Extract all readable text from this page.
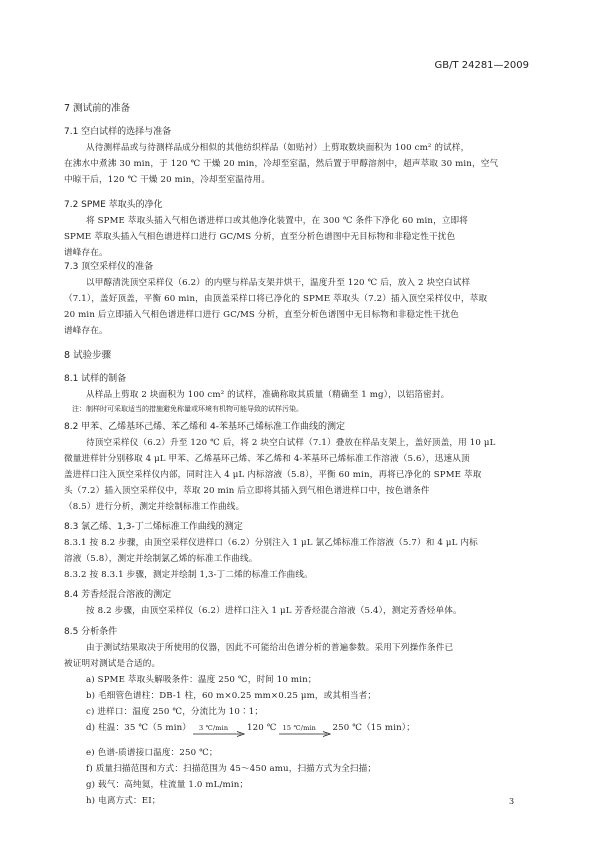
GB/T 24281—2009
7 测试前的准备
7.1 空白试样的选择与准备
从待测样品或与待测样品成分相似的其他纺织样品（如贴衬）上剪取数块面积为 100 cm² 的试样，
在沸水中煮沸 30 min，于 120 ℃ 干燥 20 min，冷却至室温，然后置于甲醇溶剂中，超声萃取 30 min，空气
中晾干后，120 ℃ 干燥 20 min，冷却至室温待用。
7.2 SPME 萃取头的净化
将 SPME 萃取头插入气相色谱进样口或其他净化装置中，在 300 ℃ 条件下净化 60 min，立即将
SPME 萃取头插入气相色谱进样口进行 GC/MS 分析，直至分析色谱图中无目标物和非稳定性干扰色
谱峰存在。
7.3 顶空采样仪的准备
以甲醇清洗顶空采样仪（6.2）的内壁与样品支架并烘干，温度升至 120 ℃ 后，放入 2 块空白试样
（7.1），盖好顶盖，平衡 60 min，由顶盖采样口将已净化的 SPME 萃取头（7.2）插入顶空采样仪中，萃取
20 min 后立即插入气相色谱进样口进行 GC/MS 分析，直至分析色谱图中无目标物和非稳定性干扰色
谱峰存在。
8 试验步骤
8.1 试样的制备
从样品上剪取 2 块面积为 100 cm² 的试样，准确称取其质量（精确至 1 mg），以铝箔密封。
注：制样时可采取适当的措施避免称量或环境有机物可能导致的试样污染。
8.2 甲苯、乙烯基环己烯、苯乙烯和 4-苯基环己烯标准工作曲线的测定
待顶空采样仪（6.2）升至 120 ℃ 后，将 2 块空白试样（7.1）叠放在样品支架上，盖好顶盖，用 10 μL
微量进样针分别移取 4 μL 甲苯、乙烯基环己烯、苯乙烯和 4-苯基环己烯标准工作溶液（5.6），迅速从顶
盖进样口注入顶空采样仪内部，同时注入 4 μL 内标溶液（5.8），平衡 60 min，再将已净化的 SPME 萃取
头（7.2）插入顶空采样仪中，萃取 20 min 后立即将其插入到气相色谱进样口中，按色谱条件
（8.5）进行分析，测定并绘制标准工作曲线。
8.3 氯乙烯、1,3-丁二烯标准工作曲线的测定
8.3.1 按 8.2 步骤，由顶空采样仪进样口（6.2）分别注入 1 μL 氯乙烯标准工作溶液（5.7）和 4 μL 内标
溶液（5.8），测定并绘制氯乙烯的标准工作曲线。
8.3.2 按 8.3.1 步骤，测定并绘制 1,3-丁二烯的标准工作曲线。
8.4 芳香烃混合溶液的测定
按 8.2 步骤，由顶空采样仪（6.2）进样口注入 1 μL 芳香烃混合溶液（5.4），测定芳香烃单体。
8.5 分析条件
由于测试结果取决于所使用的仪器，因此不可能给出色谱分析的普遍参数。采用下列操作条件已
被证明对测试是合适的。
a) SPME 萃取头解吸条件：温度 250 ℃，时间 10 min；
b) 毛细管色谱柱：DB-1 柱，60 m×0.25 mm×0.25 μm，或其相当者；
c) 进样口：温度 250 ℃，分流比为 10∶1；
e) 色谱-质谱接口温度：250 ℃；
f) 质量扫描范围和方式：扫描范围为 45～450 amu，扫描方式为全扫描；
g) 载气：高纯氦，柱流量 1.0 mL/min；
h) 电离方式：EI；
d) 柱温： 35 ℃（5 min） 3 ℃/min 120 ℃ 15 ℃/min 250 ℃（15 min）；
3
